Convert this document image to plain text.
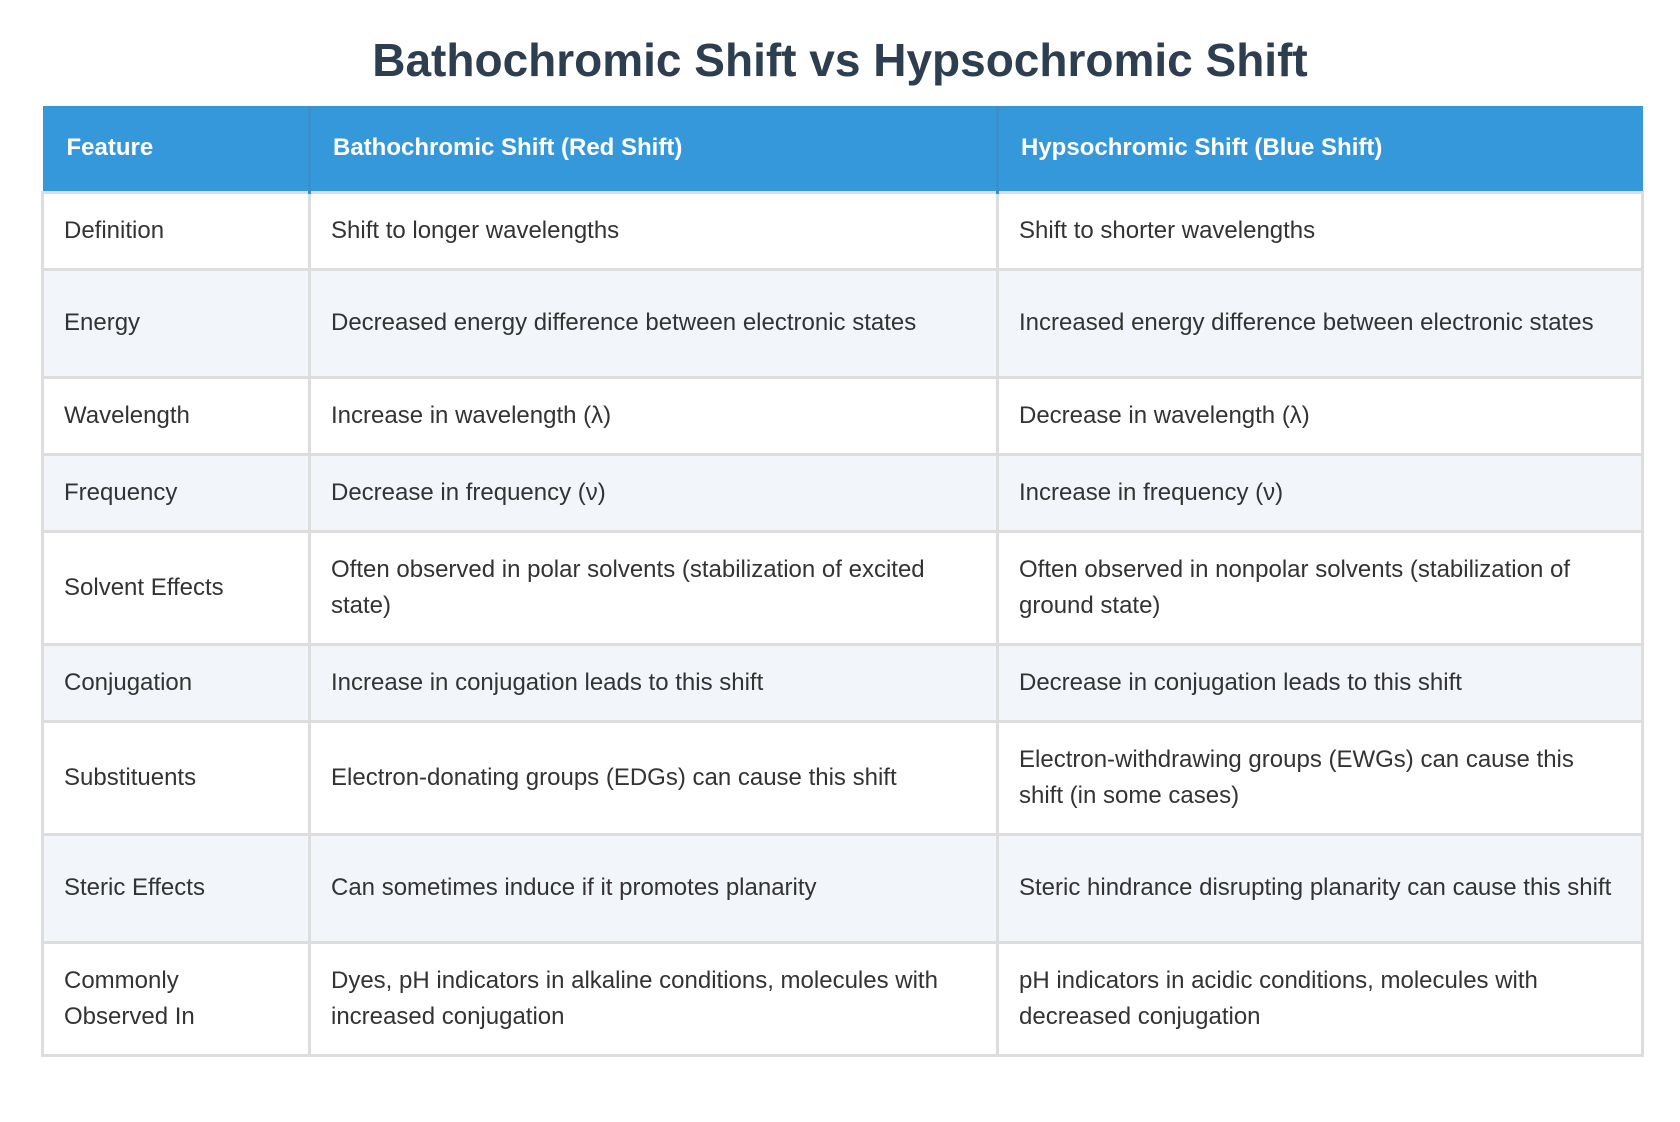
Bathochromic Shift vs Hypsochromic Shift
Feature	Bathochromic Shift (Red Shift)	Hypsochromic Shift (Blue Shift)
Definition	Shift to longer wavelengths	Shift to shorter wavelengths
Energy	Decreased energy difference between electronic states	Increased energy difference between electronic states
Wavelength	Increase in wavelength (λ)	Decrease in wavelength (λ)
Frequency	Decrease in frequency (ν)	Increase in frequency (ν)
Solvent Effects	Often observed in polar solvents (stabilization of excited state)	Often observed in nonpolar solvents (stabilization of ground state)
Conjugation	Increase in conjugation leads to this shift	Decrease in conjugation leads to this shift
Substituents	Electron-donating groups (EDGs) can cause this shift	Electron-withdrawing groups (EWGs) can cause this shift (in some cases)
Steric Effects	Can sometimes induce if it promotes planarity	Steric hindrance disrupting planarity can cause this shift
Commonly Observed In	Dyes, pH indicators in alkaline conditions, molecules with increased conjugation	pH indicators in acidic conditions, molecules with decreased conjugation
